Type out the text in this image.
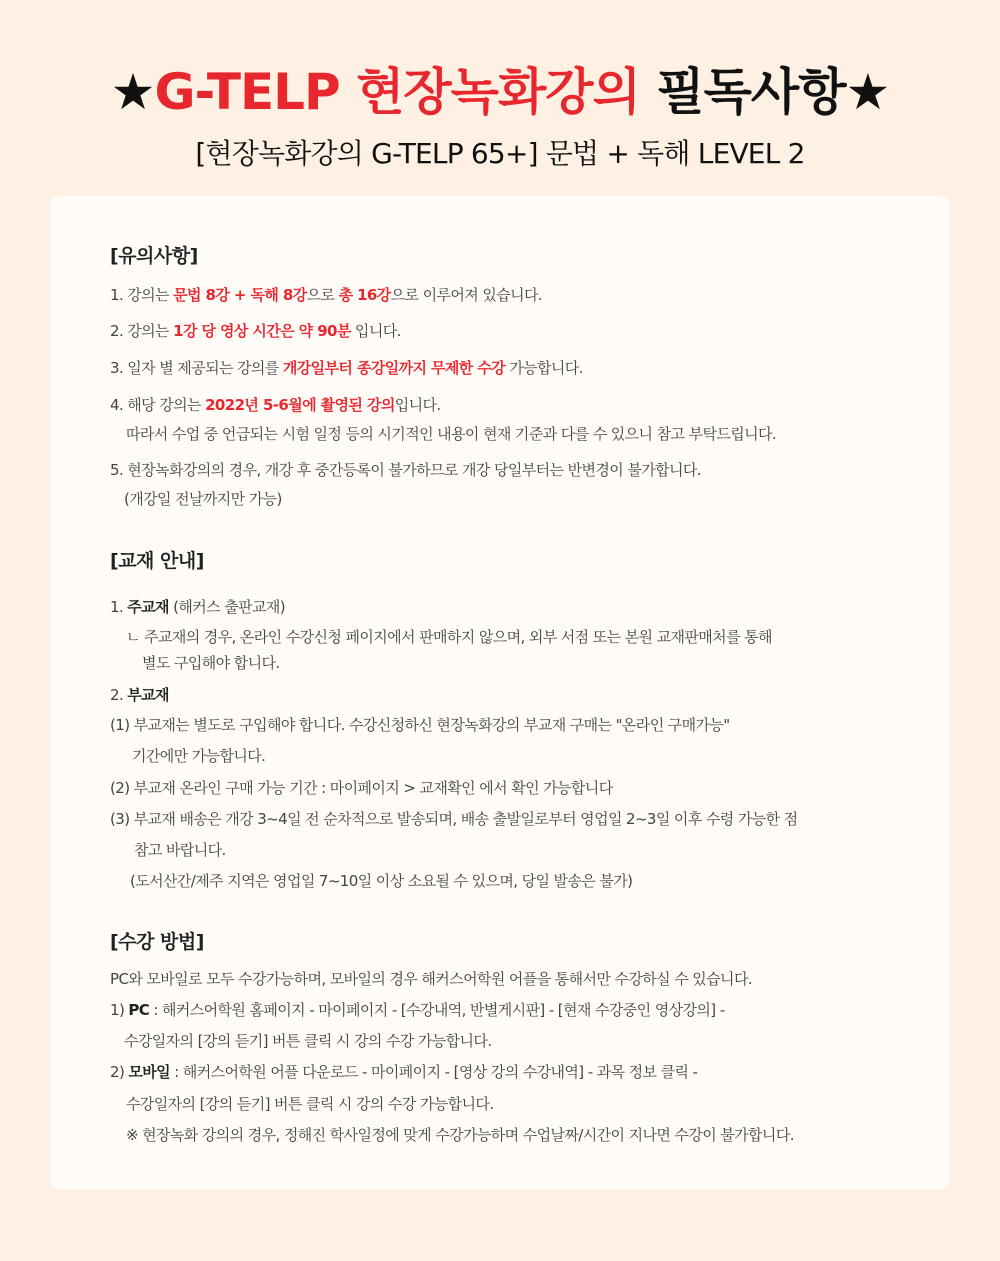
★G-TELP 현장녹화강의 필독사항★
[현장녹화강의 G-TELP 65+] 문법 + 독해 LEVEL 2
[유의사항]
1. 강의는 문법 8강 + 독해 8강으로 총 16강으로 이루어져 있습니다.
2. 강의는 1강 당 영상 시간은 약 90분 입니다.
3. 일자 별 제공되는 강의를 개강일부터 종강일까지 무제한 수강 가능합니다.
4. 해당 강의는 2022년 5-6월에 촬영된 강의입니다.
따라서 수업 중 언급되는 시험 일정 등의 시기적인 내용이 현재 기준과 다를 수 있으니 참고 부탁드립니다.
5. 현장녹화강의의 경우, 개강 후 중간등록이 불가하므로 개강 당일부터는 반변경이 불가합니다.
(개강일 전날까지만 가능)
[교재 안내]
1. 주교재 (해커스 출판교재)
ㄴ 주교재의 경우, 온라인 수강신청 페이지에서 판매하지 않으며, 외부 서점 또는 본원 교재판매처를 통해
별도 구입해야 합니다.
2. 부교재
(1) 부교재는 별도로 구입해야 합니다. 수강신청하신 현장녹화강의 부교재 구매는 "온라인 구매가능"
기간에만 가능합니다.
(2) 부교재 온라인 구매 가능 기간 : 마이페이지 > 교재확인 에서 확인 가능합니다
(3) 부교재 배송은 개강 3~4일 전 순차적으로 발송되며, 배송 출발일로부터 영업일 2~3일 이후 수령 가능한 점
참고 바랍니다.
(도서산간/제주 지역은 영업일 7~10일 이상 소요될 수 있으며, 당일 발송은 불가)
[수강 방법]
PC와 모바일로 모두 수강가능하며, 모바일의 경우 해커스어학원 어플을 통해서만 수강하실 수 있습니다.
1) PC : 해커스어학원 홈페이지 - 마이페이지 - [수강내역, 반별게시판] - [현재 수강중인 영상강의] -
수강일자의 [강의 듣기] 버튼 클릭 시 강의 수강 가능합니다.
2) 모바일 : 해커스어학원 어플 다운로드 - 마이페이지 - [영상 강의 수강내역] - 과목 정보 클릭 -
수강일자의 [강의 듣기] 버튼 클릭 시 강의 수강 가능합니다.
※ 현장녹화 강의의 경우, 정해진 학사일정에 맞게 수강가능하며 수업날짜/시간이 지나면 수강이 불가합니다.
